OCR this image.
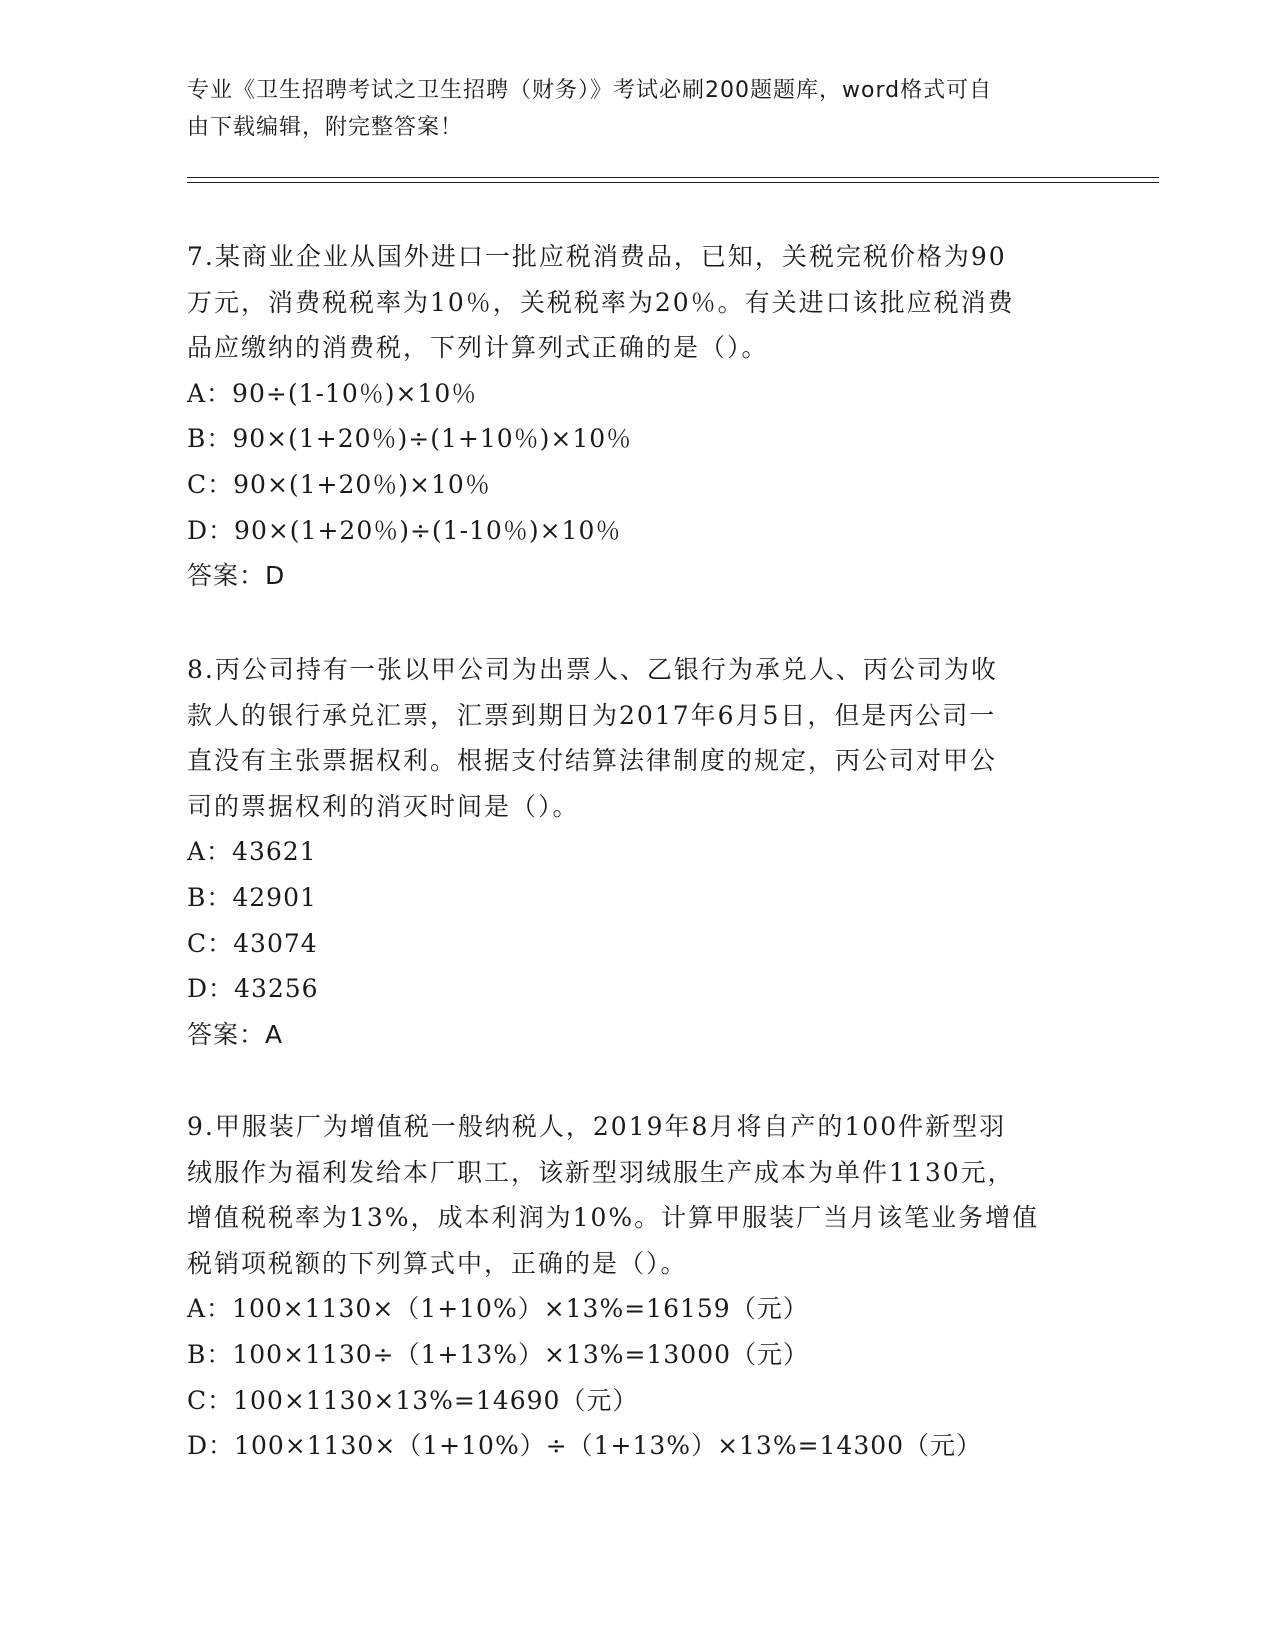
专业《卫生招聘考试之卫生招聘（财务）》考试必刷200题题库，word格式可自
由下载编辑，附完整答案！
7.某商业企业从国外进口一批应税消费品，已知，关税完税价格为90
万元，消费税税率为10％，关税税率为20％。有关进口该批应税消费
品应缴纳的消费税，下列计算列式正确的是（）。
A：90÷(1-10％)×10％
B：90×(1+20％)÷(1+10％)×10％
C：90×(1+20％)×10％
D：90×(1+20％)÷(1-10％)×10％
答案：D
8.丙公司持有一张以甲公司为出票人、乙银行为承兑人、丙公司为收
款人的银行承兑汇票，汇票到期日为2017年6月5日，但是丙公司一
直没有主张票据权利。根据支付结算法律制度的规定，丙公司对甲公
司的票据权利的消灭时间是（）。
A：43621
B：42901
C：43074
D：43256
答案：A
9.甲服装厂为增值税一般纳税人，2019年8月将自产的100件新型羽
绒服作为福利发给本厂职工，该新型羽绒服生产成本为单件1130元，
增值税税率为13%，成本利润为10%。计算甲服装厂当月该笔业务增值
税销项税额的下列算式中，正确的是（）。
A：100×1130×（1+10%）×13%=16159（元）
B：100×1130÷（1+13%）×13%=13000（元）
C：100×1130×13%=14690（元）
D：100×1130×（1+10%）÷（1+13%）×13%=14300（元）
